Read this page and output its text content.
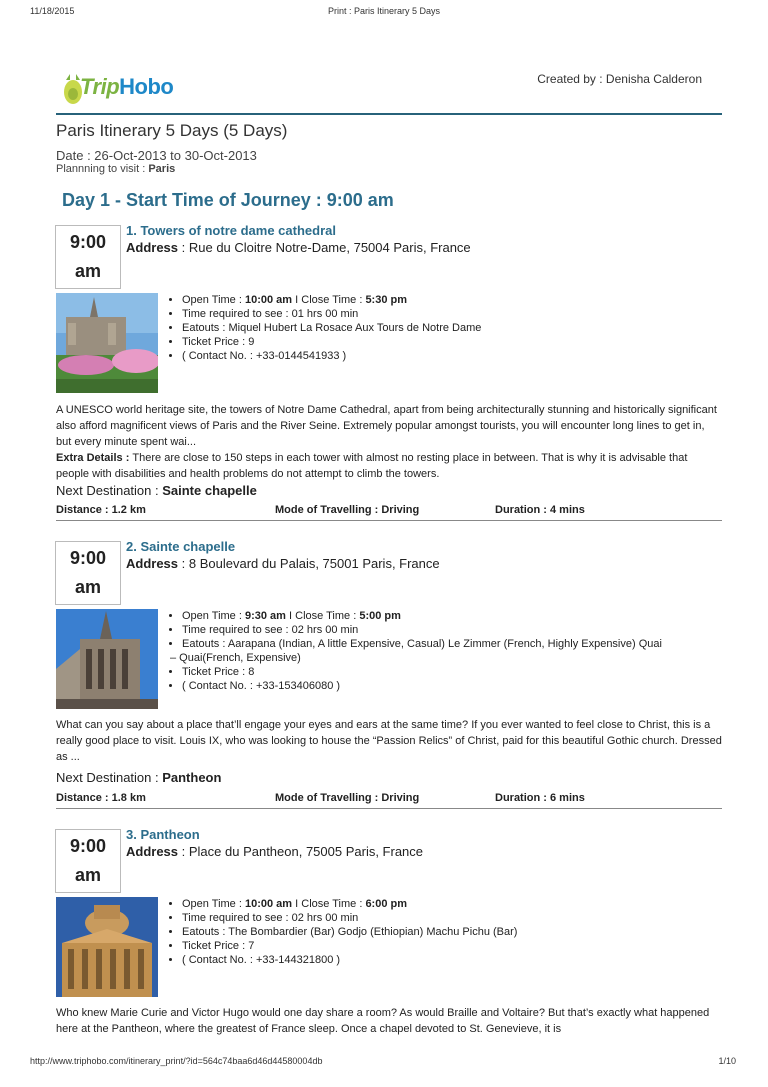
11/18/2015	Print : Paris Itinerary 5 Days
TripHobo	Created by : Denisha Calderon
Paris Itinerary 5 Days (5 Days)
Date : 26-Oct-2013 to 30-Oct-2013
Plannning to visit : Paris
Day 1 - Start Time of Journey : 9:00 am
9:00
am
1. Towers of notre dame cathedral
Address : Rue du Cloitre Notre-Dame, 75004 Paris, France
• Open Time : 10:00 am I Close Time : 5:30 pm
• Time required to see : 01 hrs 00 min
• Eatouts : Miquel Hubert La Rosace Aux Tours de Notre Dame
• Ticket Price : 9
• ( Contact No. : +33-0144541933 )
A UNESCO world heritage site, the towers of Notre Dame Cathedral, apart from being architecturally stunning and historically significant also afford magnificent views of Paris and the River Seine. Extremely popular amongst tourists, you will encounter long lines to get in, but every minute spent wai...
Extra Details : There are close to 150 steps in each tower with almost no resting place in between. That is why it is advisable that people with disabilities and health problems do not attempt to climb the towers.
Next Destination : Sainte chapelle
Distance : 1.2 km	Mode of Travelling : Driving	Duration : 4 mins
9:00
am
2. Sainte chapelle
Address : 8 Boulevard du Palais, 75001 Paris, France
• Open Time : 9:30 am I Close Time : 5:00 pm
• Time required to see : 02 hrs 00 min
• Eatouts : Aarapana (Indian, A little Expensive, Casual) Le Zimmer (French, Highly Expensive) Quai
– Quai(French, Expensive)
• Ticket Price : 8
• ( Contact No. : +33-153406080 )
What can you say about a place that’ll engage your eyes and ears at the same time? If you ever wanted to feel close to Christ, this is a really good place to visit. Louis IX, who was looking to house the “Passion Relics” of Christ, paid for this beautiful Gothic church. Dressed as ...
Next Destination : Pantheon
Distance : 1.8 km	Mode of Travelling : Driving	Duration : 6 mins
9:00
am
3. Pantheon
Address : Place du Pantheon, 75005 Paris, France
• Open Time : 10:00 am I Close Time : 6:00 pm
• Time required to see : 02 hrs 00 min
• Eatouts : The Bombardier (Bar) Godjo (Ethiopian) Machu Pichu (Bar)
• Ticket Price : 7
• ( Contact No. : +33-144321800 )
Who knew Marie Curie and Victor Hugo would one day share a room? As would Braille and Voltaire? But that’s exactly what happened here at the Pantheon, where the greatest of France sleep. Once a chapel devoted to St. Genevieve, it is
http://www.triphobo.com/itinerary_print/?id=564c74baa6d46d44580004db	1/10
